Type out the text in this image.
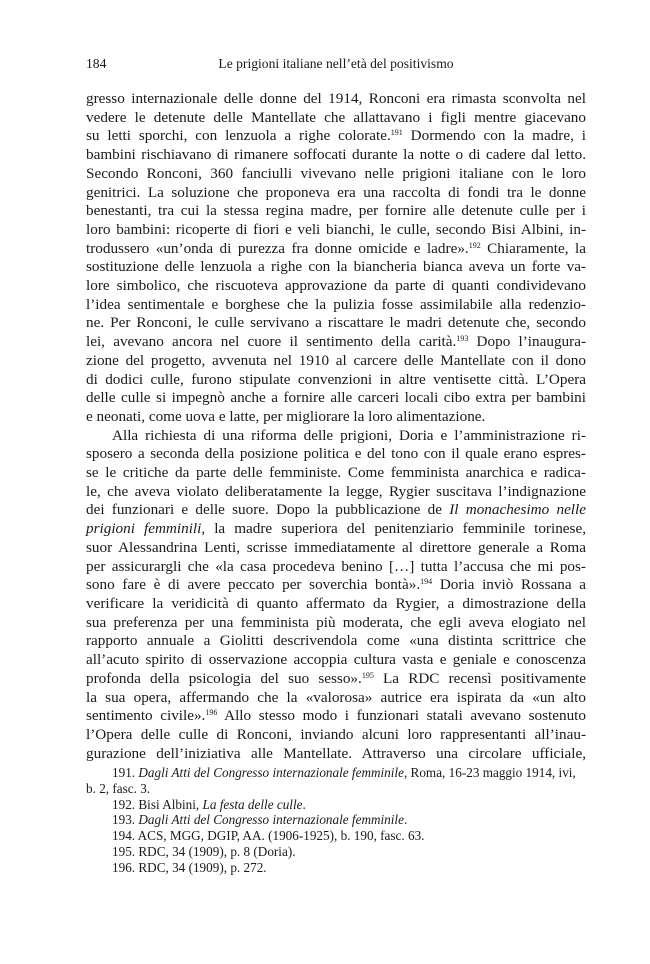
184	Le prigioni italiane nell’età del positivismo
gresso internazionale delle donne del 1914, Ronconi era rimasta sconvolta nel
vedere le detenute delle Mantellate che allattavano i figli mentre giacevano
su letti sporchi, con lenzuola a righe colorate.$^{191}$ Dormendo con la madre, i
bambini rischiavano di rimanere soffocati durante la notte o di cadere dal letto.
Secondo Ronconi, 360 fanciulli vivevano nelle prigioni italiane con le loro
genitrici. La soluzione che proponeva era una raccolta di fondi tra le donne
benestanti, tra cui la stessa regina madre, per fornire alle detenute culle per i
loro bambini: ricoperte di fiori e veli bianchi, le culle, secondo Bisi Albini, in-
trodussero «un’onda di purezza fra donne omicide e ladre».$^{192}$ Chiaramente, la
sostituzione delle lenzuola a righe con la biancheria bianca aveva un forte va-
lore simbolico, che riscuoteva approvazione da parte di quanti condividevano
l’idea sentimentale e borghese che la pulizia fosse assimilabile alla redenzio-
ne. Per Ronconi, le culle servivano a riscattare le madri detenute che, secondo
lei, avevano ancora nel cuore il sentimento della carità.$^{193}$ Dopo l’inaugura-
zione del progetto, avvenuta nel 1910 al carcere delle Mantellate con il dono
di dodici culle, furono stipulate convenzioni in altre ventisette città. L’Opera
delle culle si impegnò anche a fornire alle carceri locali cibo extra per bambini
e neonati, come uova e latte, per migliorare la loro alimentazione.
Alla richiesta di una riforma delle prigioni, Doria e l’amministrazione ri-
sposero a seconda della posizione politica e del tono con il quale erano espres-
se le critiche da parte delle femministe. Come femminista anarchica e radica-
le, che aveva violato deliberatamente la legge, Rygier suscitava l’indignazione
dei funzionari e delle suore. Dopo la pubblicazione de Il monachesimo nelle
prigioni femminili, la madre superiora del penitenziario femminile torinese,
suor Alessandrina Lenti, scrisse immediatamente al direttore generale a Roma
per assicurargli che «la casa procedeva benino […] tutta l’accusa che mi pos-
sono fare è di avere peccato per soverchia bontà».$^{194}$ Doria inviò Rossana a
verificare la veridicità di quanto affermato da Rygier, a dimostrazione della
sua preferenza per una femminista più moderata, che egli aveva elogiato nel
rapporto annuale a Giolitti descrivendola come «una distinta scrittrice che
all’acuto spirito di osservazione accoppia cultura vasta e geniale e conoscenza
profonda della psicologia del suo sesso».$^{195}$ La RDC recensì positivamente
la sua opera, affermando che la «valorosa» autrice era ispirata da «un alto
sentimento civile».$^{196}$ Allo stesso modo i funzionari statali avevano sostenuto
l’Opera delle culle di Ronconi, inviando alcuni loro rappresentanti all’inau-
gurazione dell’iniziativa alle Mantellate. Attraverso una circolare ufficiale,
191. Dagli Atti del Congresso internazionale femminile, Roma, 16-23 maggio 1914, ivi,
b. 2, fasc. 3.
192. Bisi Albini, La festa delle culle.
193. Dagli Atti del Congresso internazionale femminile.
194. ACS, MGG, DGIP, AA. (1906-1925), b. 190, fasc. 63.
195. RDC, 34 (1909), p. 8 (Doria).
196. RDC, 34 (1909), p. 272.
